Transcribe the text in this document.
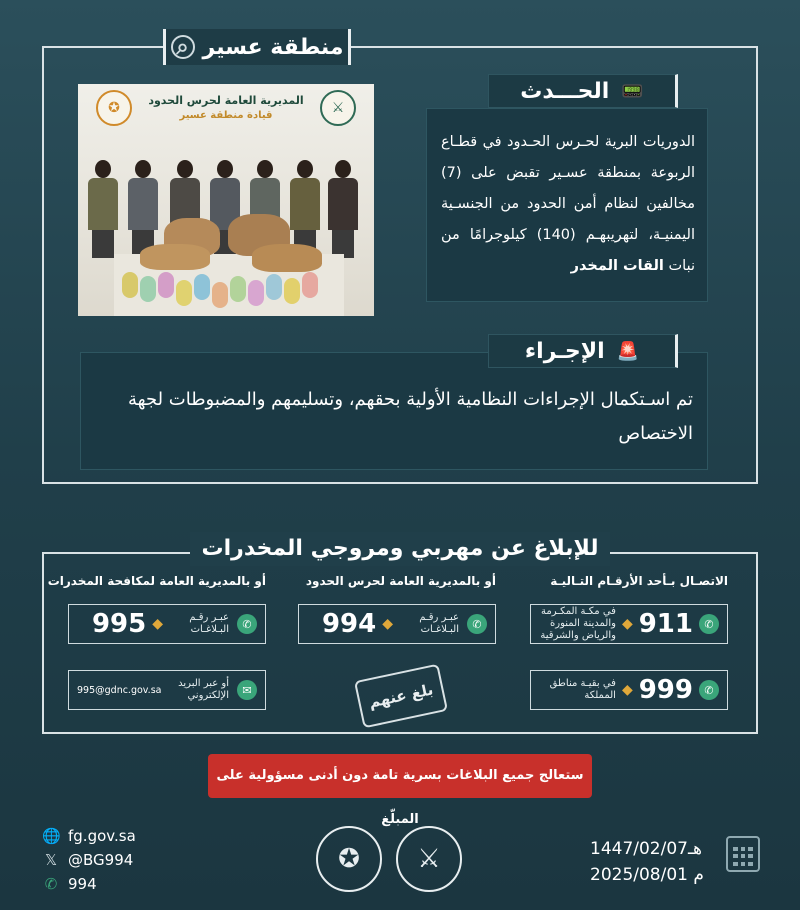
منطقة عسير
⌕
✪	المديرية العامة لحرس الحدود
قيادة منطقة عسير	⚔
الدوريات البرية لحـرس الحـدود في قطـاع الربوعة بمنطقة عسـير تقبض على (7) مخالفين لنظام أمن الحدود من الجنسـية اليمنيـة، لتهريبهـم (140) كيلوجرامًا من نبات القات المخدر
📟
الحـــدث
تم اسـتكمال الإجراءات النظامية الأولية بحقهم، وتسليمهم والمضبوطات لجهة الاختصاص
🚨
الإجـراء
للإبلاغ عن مهربي ومروجي المخدرات
الاتصـال بـأحد الأرقـام التـاليـة
أو بالمديرية العامة لحرس الحدود
أو بالمديرية العامة لمكافحة المخدرات
✆
911
◆
في مكـة المكـرمة والمدينة المنورة والرياض والشرقية
✆
999
◆
في بقيـة مناطق المملكة
✆
عبـر رقـم البـلاغـات
◆
994
✆
عبـر رقـم البـلاغـات
◆
995
✉
أو عبر البريد الإلكتروني
995@gdnc.gov.sa	بلغ عنهم
ستعالج جميع البلاغات بسرية تامة دون أدنى مسؤولية على المبلّغ
🌐 fg.gov.sa
𝕏 @BG994
✆ 994
✪	⚔	1447/02/07هـ
2025/08/01 م
